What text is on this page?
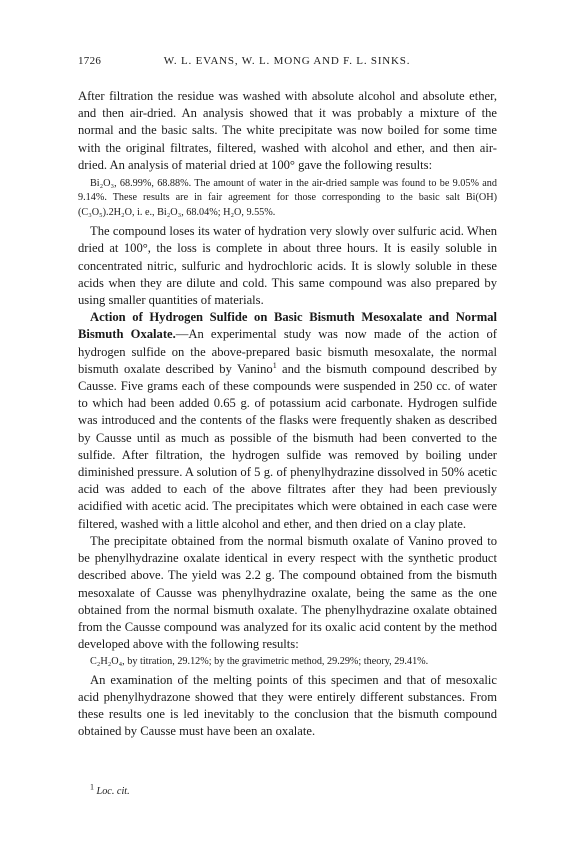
1726	W. L. EVANS, W. L. MONG AND F. L. SINKS.

After filtration the residue was washed with absolute alcohol and absolute ether, and then air-dried. An analysis showed that it was probably a mixture of the normal and the basic salts. The white precipitate was now boiled for some time with the original filtrates, filtered, washed with alcohol and ether, and then air-dried. An analysis of material dried at 100° gave the following results:

Bi₂O₃, 68.99%, 68.88%. The amount of water in the air-dried sample was found to be 9.05% and 9.14%. These results are in fair agreement for those corresponding to the basic salt Bi(OH)(C₃O₅).2H₂O, i. e., Bi₂O₃, 68.04%; H₂O, 9.55%.

The compound loses its water of hydration very slowly over sulfuric acid. When dried at 100°, the loss is complete in about three hours. It is easily soluble in concentrated nitric, sulfuric and hydrochloric acids. It is slowly soluble in these acids when they are dilute and cold. This same compound was also prepared by using smaller quantities of materials.

Action of Hydrogen Sulfide on Basic Bismuth Mesoxalate and Normal Bismuth Oxalate.—An experimental study was now made of the action of hydrogen sulfide on the above-prepared basic bismuth mesoxalate, the normal bismuth oxalate described by Vanino$^1$ and the bismuth compound described by Causse. Five grams each of these compounds were suspended in 250 cc. of water to which had been added 0.65 g. of potassium acid carbonate. Hydrogen sulfide was introduced and the contents of the flasks were frequently shaken as described by Causse until as much as possible of the bismuth had been converted to the sulfide. After filtration, the hydrogen sulfide was removed by boiling under diminished pressure. A solution of 5 g. of phenylhydrazine dissolved in 50% acetic acid was added to each of the above filtrates after they had been previously acidified with acetic acid. The precipitates which were obtained in each case were filtered, washed with a little alcohol and ether, and then dried on a clay plate.

The precipitate obtained from the normal bismuth oxalate of Vanino proved to be phenylhydrazine oxalate identical in every respect with the synthetic product described above. The yield was 2.2 g. The compound obtained from the bismuth mesoxalate of Causse was phenylhydrazine oxalate, being the same as the one obtained from the normal bismuth oxalate. The phenylhydrazine oxalate obtained from the Causse compound was analyzed for its oxalic acid content by the method developed above with the following results:

C₂H₂O₄, by titration, 29.12%; by the gravimetric method, 29.29%; theory, 29.41%.

An examination of the melting points of this specimen and that of mesoxalic acid phenylhydrazone showed that they were entirely different substances. From these results one is led inevitably to the conclusion that the bismuth compound obtained by Causse must have been an oxalate.

$^1$ Loc. cit.
